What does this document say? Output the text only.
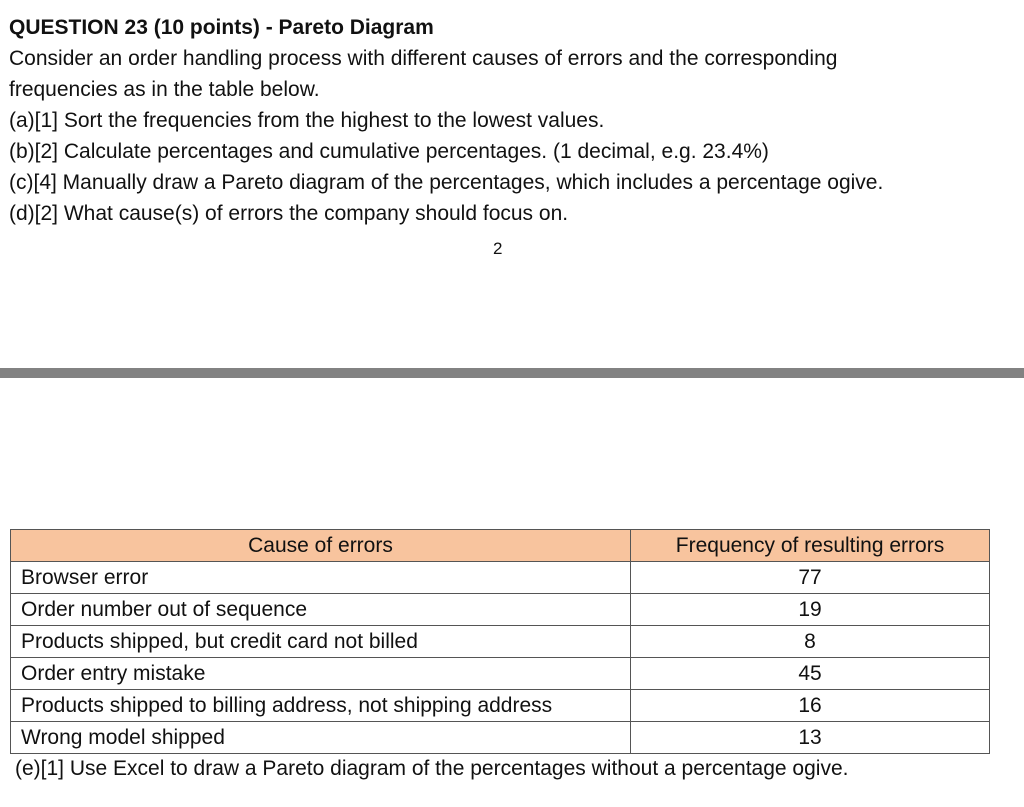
QUESTION 23 (10 points) - Pareto Diagram

Consider an order handling process with different causes of errors and the corresponding

frequencies as in the table below.

(a)[1] Sort the frequencies from the highest to the lowest values.

(b)[2] Calculate percentages and cumulative percentages. (1 decimal, e.g. 23.4%)

(c)[4] Manually draw a Pareto diagram of the percentages, which includes a percentage ogive.

(d)[2] What cause(s) of errors the company should focus on.

2
Cause of errors	Frequency of resulting errors
Browser error	77
Order number out of sequence	19
Products shipped, but credit card not billed	8
Order entry mistake	45
Products shipped to billing address, not shipping address	16
Wrong model shipped	13

(e)[1] Use Excel to draw a Pareto diagram of the percentages without a percentage ogive.
